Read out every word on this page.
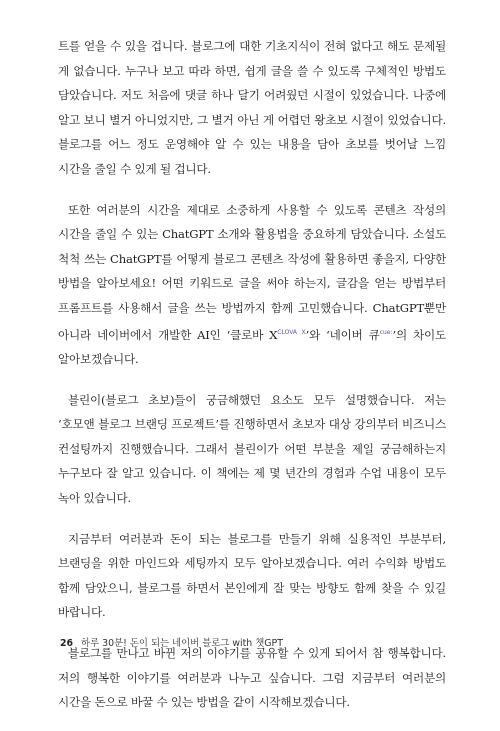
트를 얻을 수 있을 겁니다. 블로그에 대한 기초지식이 전혀 없다고 해도 문제될 게 없습니다. 누구나 보고 따라 하면, 쉽게 글을 쓸 수 있도록 구체적인 방법도 담았습니다. 저도 처음에 댓글 하나 달기 어려웠던 시절이 있었습니다. 나중에 알고 보니 별거 아니었지만, 그 별거 아닌 게 어렵던 왕초보 시절이 있었습니다. 블로그를 어느 정도 운영해야 알 수 있는 내용을 담아 초보를 벗어날 느낌 시간을 줄일 수 있게 될 겁니다.

또한 여러분의 시간을 제대로 소중하게 사용할 수 있도록 콘텐츠 작성의 시간을 줄일 수 있는 ChatGPT 소개와 활용법을 중요하게 담았습니다. 소설도 척척 쓰는 ChatGPT를 어떻게 블로그 콘텐츠 작성에 활용하면 좋을지, 다양한 방법을 알아보세요! 어떤 키워드로 글을 써야 하는지, 글감을 얻는 방법부터 프롬프트를 사용해서 글을 쓰는 방법까지 함께 고민했습니다. ChatGPT뿐만 아니라 네이버에서 개발한 AI인 ‘클로바 X$^{CLOVA X}$’와 ‘네이버 큐$^{cue:}$’의 차이도 알아보겠습니다.

블린이(블로그 초보)들이 궁금해했던 요소도 모두 설명했습니다. 저는 ‘호모앤 블로그 브랜딩 프로젝트’를 진행하면서 초보자 대상 강의부터 비즈니스 컨설팅까지 진행했습니다. 그래서 블린이가 어떤 부분을 제일 궁금해하는지 누구보다 잘 알고 있습니다. 이 책에는 제 몇 년간의 경험과 수업 내용이 모두 녹아 있습니다.

지금부터 여러분과 돈이 되는 블로그를 만들기 위해 실용적인 부분부터, 브랜딩을 위한 마인드와 세팅까지 모두 알아보겠습니다. 여러 수익화 방법도 함께 담았으니, 블로그를 하면서 본인에게 잘 맞는 방향도 함께 찾을 수 있길 바랍니다.

블로그를 만나고 바뀐 저의 이야기를 공유할 수 있게 되어서 참 행복합니다. 저의 행복한 이야기를 여러분과 나누고 싶습니다. 그럼 지금부터 여러분의 시간을 돈으로 바꿀 수 있는 방법을 같이 시작해보겠습니다.

26 하루 30분! 돈이 되는 네이버 블로그 with 챗GPT
